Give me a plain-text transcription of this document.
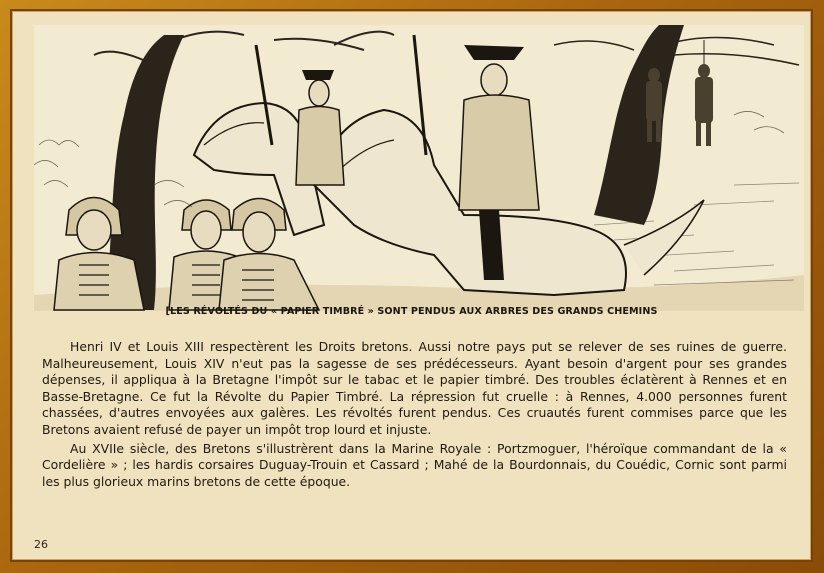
[LES RÉVOLTÉS DU « PAPIER TIMBRÉ » SONT PENDUS AUX ARBRES DES GRANDS CHEMINS

Henri IV et Louis XIII respectèrent les Droits bretons. Aussi notre pays put se relever de ses ruines de guerre. Malheureusement, Louis XIV n'eut pas la sagesse de ses prédécesseurs. Ayant besoin d'argent pour ses grandes dépenses, il appliqua à la Bretagne l'impôt sur le tabac et le papier timbré. Des troubles éclatèrent à Rennes et en Basse-Bretagne. Ce fut la Révolte du Papier Timbré. La répression fut cruelle : à Rennes, 4.000 personnes furent chassées, d'autres envoyées aux galères. Les révoltés furent pendus. Ces cruautés furent commises parce que les Bretons avaient refusé de payer un impôt trop lourd et injuste.

Au XVIIe siècle, des Bretons s'illustrèrent dans la Marine Royale : Portzmoguer, l'héroïque commandant de la « Cordelière » ; les hardis corsaires Duguay-Trouin et Cassard ; Mahé de la Bourdonnais, du Couédic, Cornic sont parmi les plus glorieux marins bretons de cette époque.

26
